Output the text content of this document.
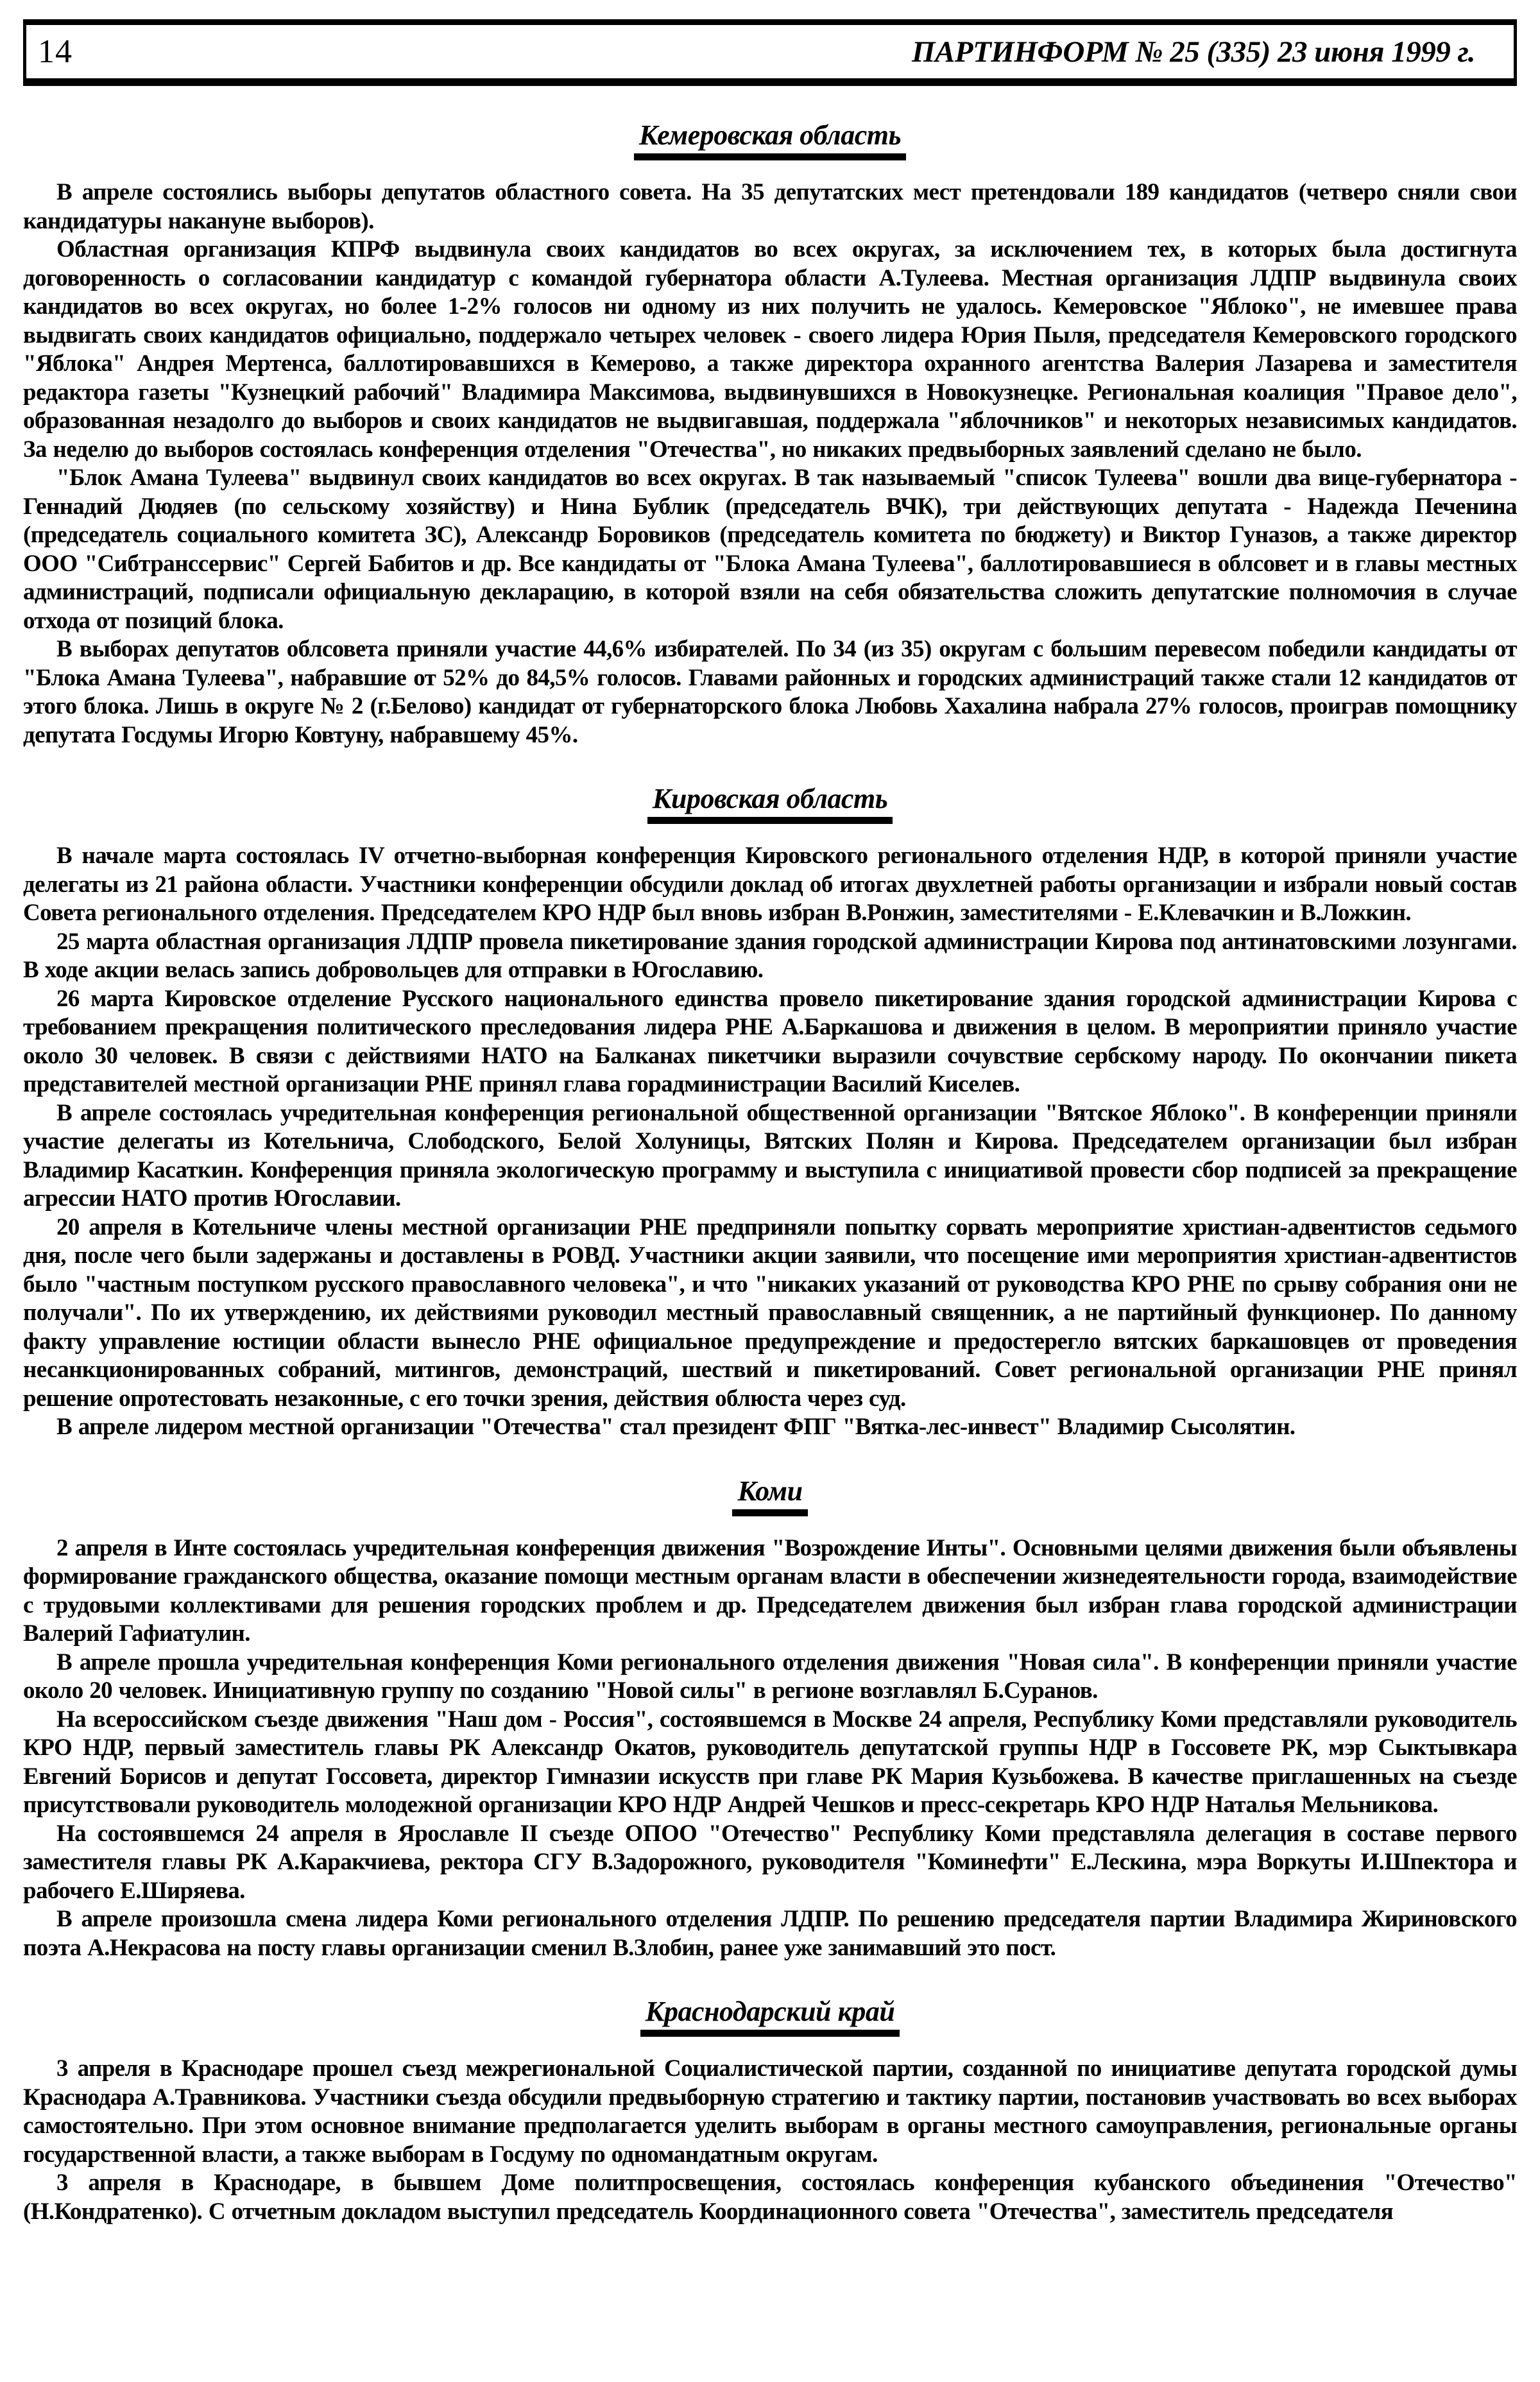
14	ПАРТИНФОРМ № 25 (335) 23 июня 1999 г.
Кемеровская область

В апреле состоялись выборы депутатов областного совета. На 35 депутатских мест претендовали 189 кандидатов (четверо сняли свои кандидатуры накануне выборов).

Областная организация КПРФ выдвинула своих кандидатов во всех округах, за исключением тех, в которых была достигнута договоренность о согласовании кандидатур с командой губернатора области А.Тулеева. Местная организация ЛДПР выдвинула своих кандидатов во всех округах, но более 1-2% голосов ни одному из них получить не удалось. Кемеровское "Яблоко", не имевшее права выдвигать своих кандидатов официально, поддержало четырех человек - своего лидера Юрия Пыля, председателя Кемеровского городского "Яблока" Андрея Мертенса, баллотировавшихся в Кемерово, а также директора охранного агентства Валерия Лазарева и заместителя редактора газеты "Кузнецкий рабочий" Владимира Максимова, выдвинувшихся в Новокузнецке. Региональная коалиция "Правое дело", образованная незадолго до выборов и своих кандидатов не выдвигавшая, поддержала "яблочников" и некоторых независимых кандидатов. За неделю до выборов состоялась конференция отделения "Отечества", но никаких предвыборных заявлений сделано не было.

"Блок Амана Тулеева" выдвинул своих кандидатов во всех округах. В так называемый "список Тулеева" вошли два вице-губернатора - Геннадий Дюдяев (по сельскому хозяйству) и Нина Бублик (председатель ВЧК), три действующих депутата - Надежда Печенина (председатель социального комитета ЗС), Александр Боровиков (председатель комитета по бюджету) и Виктор Гуназов, а также директор ООО "Сибтранссервис" Сергей Бабитов и др. Все кандидаты от "Блока Амана Тулеева", баллотировавшиеся в облсовет и в главы местных администраций, подписали официальную декларацию, в которой взяли на себя обязательства сложить депутатские полномочия в случае отхода от позиций блока.

В выборах депутатов облсовета приняли участие 44,6% избирателей. По 34 (из 35) округам с большим перевесом победили кандидаты от "Блока Амана Тулеева", набравшие от 52% до 84,5% голосов. Главами районных и городских администраций также стали 12 кандидатов от этого блока. Лишь в округе № 2 (г.Белово) кандидат от губернаторского блока Любовь Хахалина набрала 27% голосов, проиграв помощнику депутата Госдумы Игорю Ковтуну, набравшему 45%.

Кировская область

В начале марта состоялась IV отчетно-выборная конференция Кировского регионального отделения НДР, в которой приняли участие делегаты из 21 района области. Участники конференции обсудили доклад об итогах двухлетней работы организации и избрали новый состав Совета регионального отделения. Председателем КРО НДР был вновь избран В.Ронжин, заместителями - Е.Клевачкин и В.Ложкин.

25 марта областная организация ЛДПР провела пикетирование здания городской администрации Кирова под антинатовскими лозунгами. В ходе акции велась запись добровольцев для отправки в Югославию.

26 марта Кировское отделение Русского национального единства провело пикетирование здания городской администрации Кирова с требованием прекращения политического преследования лидера РНЕ А.Баркашова и движения в целом. В мероприятии приняло участие около 30 человек. В связи с действиями НАТО на Балканах пикетчики выразили сочувствие сербскому народу. По окончании пикета представителей местной организации РНЕ принял глава горадминистрации Василий Киселев.

В апреле состоялась учредительная конференция региональной общественной организации "Вятское Яблоко". В конференции приняли участие делегаты из Котельнича, Слободского, Белой Холуницы, Вятских Полян и Кирова. Председателем организации был избран Владимир Касаткин. Конференция приняла экологическую программу и выступила с инициативой провести сбор подписей за прекращение агрессии НАТО против Югославии.

20 апреля в Котельниче члены местной организации РНЕ предприняли попытку сорвать мероприятие христиан-адвентистов седьмого дня, после чего были задержаны и доставлены в РОВД. Участники акции заявили, что посещение ими мероприятия христиан-адвентистов было "частным поступком русского православного человека", и что "никаких указаний от руководства КРО РНЕ по срыву собрания они не получали". По их утверждению, их действиями руководил местный православный священник, а не партийный функционер. По данному факту управление юстиции области вынесло РНЕ официальное предупреждение и предостерегло вятских баркашовцев от проведения несанкционированных собраний, митингов, демонстраций, шествий и пикетирований. Совет региональной организации РНЕ принял решение опротестовать незаконные, с его точки зрения, действия облюста через суд.

В апреле лидером местной организации "Отечества" стал президент ФПГ "Вятка-лес-инвест" Владимир Сысолятин.

Коми

2 апреля в Инте состоялась учредительная конференция движения "Возрождение Инты". Основными целями движения были объявлены формирование гражданского общества, оказание помощи местным органам власти в обеспечении жизнедеятельности города, взаимодействие с трудовыми коллективами для решения городских проблем и др. Председателем движения был избран глава городской администрации Валерий Гафиатулин.

В апреле прошла учредительная конференция Коми регионального отделения движения "Новая сила". В конференции приняли участие около 20 человек. Инициативную группу по созданию "Новой силы" в регионе возглавлял Б.Суранов.

На всероссийском съезде движения "Наш дом - Россия", состоявшемся в Москве 24 апреля, Республику Коми представляли руководитель КРО НДР, первый заместитель главы РК Александр Окатов, руководитель депутатской группы НДР в Госсовете РК, мэр Сыктывкара Евгений Борисов и депутат Госсовета, директор Гимназии искусств при главе РК Мария Кузьбожева. В качестве приглашенных на съезде присутствовали руководитель молодежной организации КРО НДР Андрей Чешков и пресс-секретарь КРО НДР Наталья Мельникова.

На состоявшемся 24 апреля в Ярославле II съезде ОПОО "Отечество" Республику Коми представляла делегация в составе первого заместителя главы РК А.Каракчиева, ректора СГУ В.Задорожного, руководителя "Коминефти" Е.Лескина, мэра Воркуты И.Шпектора и рабочего Е.Ширяева.

В апреле произошла смена лидера Коми регионального отделения ЛДПР. По решению председателя партии Владимира Жириновского поэта А.Некрасова на посту главы организации сменил В.Злобин, ранее уже занимавший это пост.

Краснодарский край

3 апреля в Краснодаре прошел съезд межрегиональной Социалистической партии, созданной по инициативе депутата городской думы Краснодара А.Травникова. Участники съезда обсудили предвыборную стратегию и тактику партии, постановив участвовать во всех выборах самостоятельно. При этом основное внимание предполагается уделить выборам в органы местного самоуправления, региональные органы государственной власти, а также выборам в Госдуму по одномандатным округам.

3 апреля в Краснодаре, в бывшем Доме политпросвещения, состоялась конференция кубанского объединения "Отечество" (Н.Кондратенко). С отчетным докладом выступил председатель Координационного совета "Отечества", заместитель председателя
